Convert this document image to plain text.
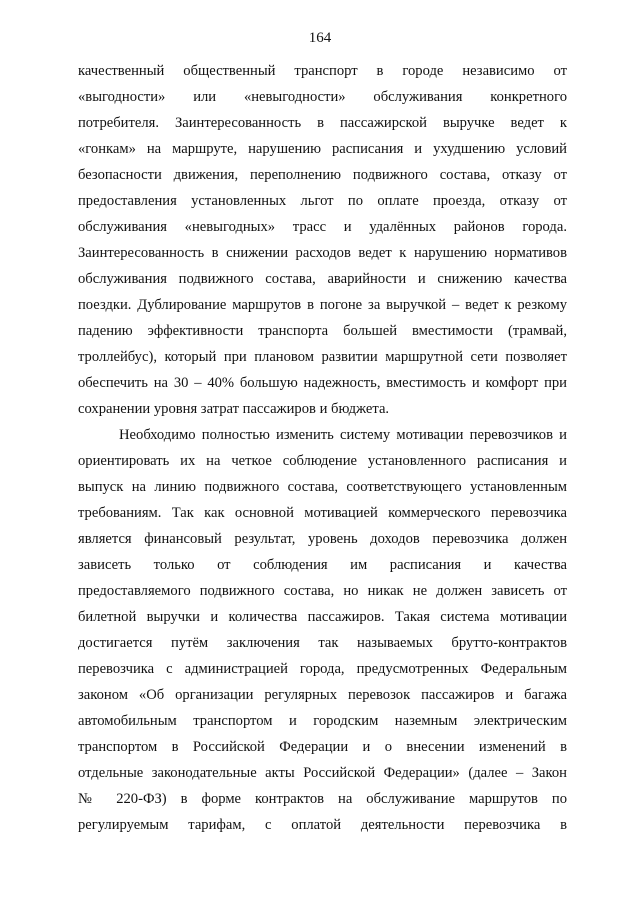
164
качественный общественный транспорт в городе независимо от
«выгодности» или «невыгодности» обслуживания конкретного
потребителя. Заинтересованность в пассажирской выручке ведет к
«гонкам» на маршруте, нарушению расписания и ухудшению условий
безопасности движения, переполнению подвижного состава, отказу от
предоставления установленных льгот по оплате проезда, отказу от
обслуживания «невыгодных» трасс и удалённых районов города.
Заинтересованность в снижении расходов ведет к нарушению нормативов
обслуживания подвижного состава, аварийности и снижению качества
поездки. Дублирование маршрутов в погоне за выручкой – ведет к резкому
падению эффективности транспорта большей вместимости (трамвай,
троллейбус), который при плановом развитии маршрутной сети позволяет
обеспечить на 30 – 40% большую надежность, вместимость и комфорт при
сохранении уровня затрат пассажиров и бюджета.
Необходимо полностью изменить систему мотивации перевозчиков и
ориентировать их на четкое соблюдение установленного расписания и
выпуск на линию подвижного состава, соответствующего установленным
требованиям. Так как основной мотивацией коммерческого перевозчика
является финансовый результат, уровень доходов перевозчика должен
зависеть только от соблюдения им расписания и качества
предоставляемого подвижного состава, но никак не должен зависеть от
билетной выручки и количества пассажиров. Такая система мотивации
достигается путём заключения так называемых брутто-контрактов
перевозчика с администрацией города, предусмотренных Федеральным
законом «Об организации регулярных перевозок пассажиров и багажа
автомобильным транспортом и городским наземным электрическим
транспортом в Российской Федерации и о внесении изменений в
отдельные законодательные акты Российской Федерации» (далее – Закон
№ 220-ФЗ) в форме контрактов на обслуживание маршрутов по
регулируемым тарифам, с оплатой деятельности перевозчика в
